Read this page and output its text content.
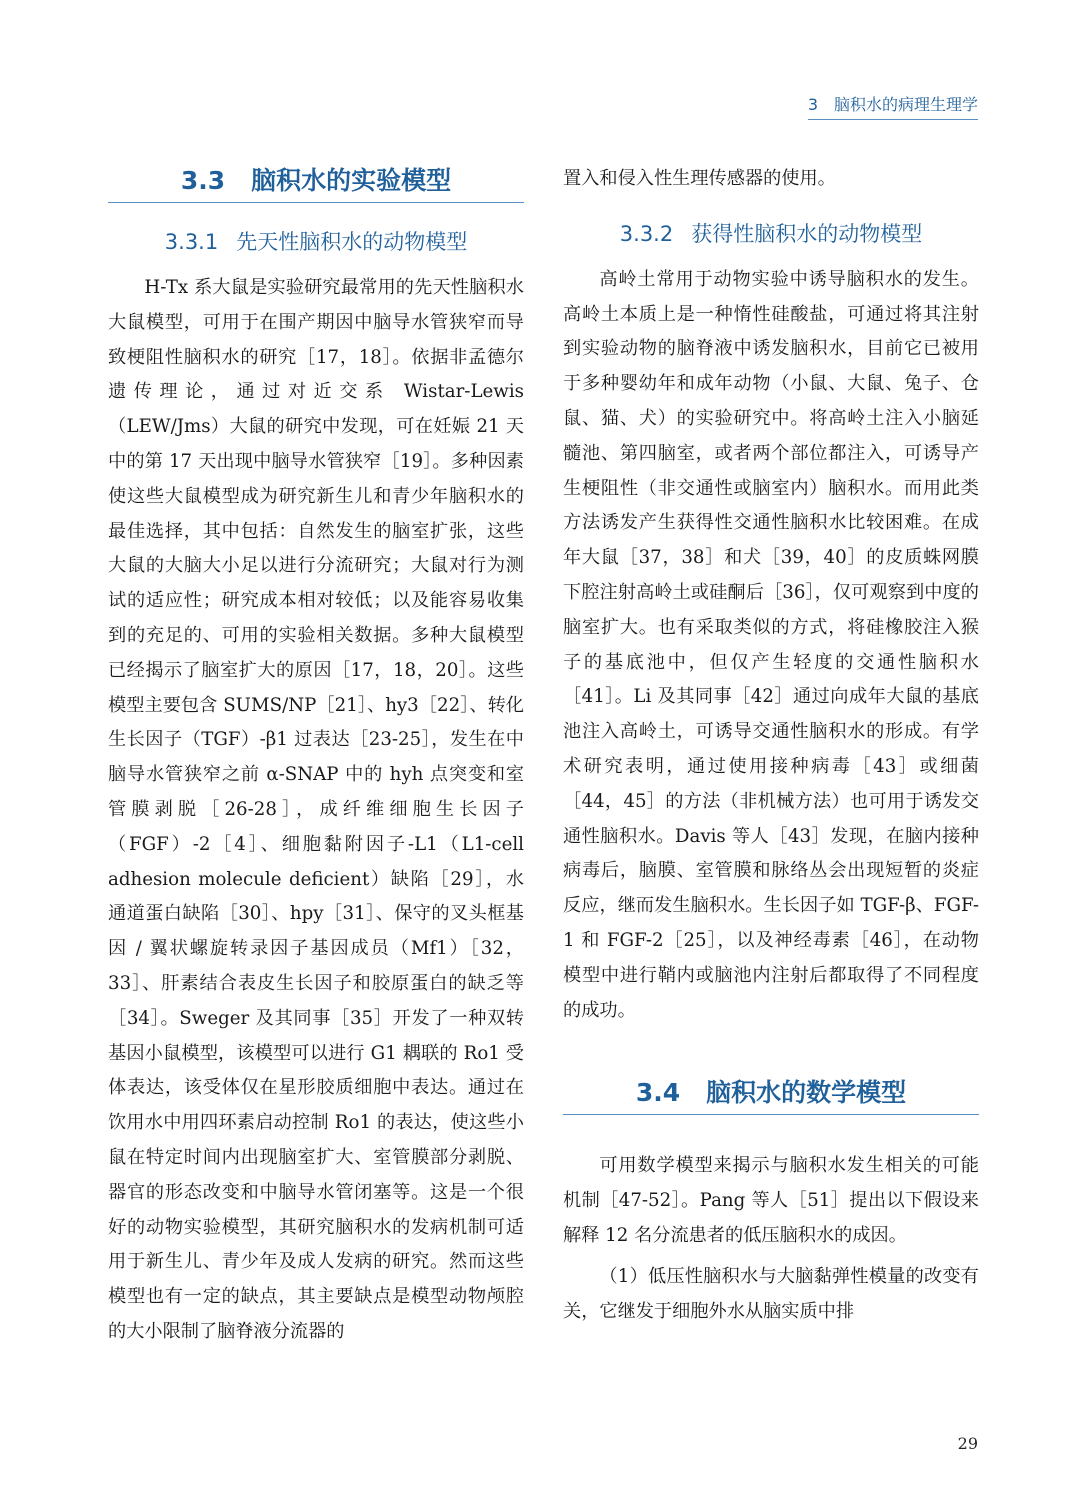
3　脑积水的病理生理学
3.3 脑积水的实验模型
3.3.1 先天性脑积水的动物模型

H-Tx 系大鼠是实验研究最常用的先天性脑积水大鼠模型，可用于在围产期因中脑导水管狭窄而导致梗阻性脑积水的研究［17，18］。依据非孟德尔遗传理论，通过对近交系 Wistar-Lewis（LEW/Jms）大鼠的研究中发现，可在妊娠 21 天中的第 17 天出现中脑导水管狭窄［19］。多种因素使这些大鼠模型成为研究新生儿和青少年脑积水的最佳选择，其中包括：自然发生的脑室扩张，这些大鼠的大脑大小足以进行分流研究；大鼠对行为测试的适应性；研究成本相对较低；以及能容易收集到的充足的、可用的实验相关数据。多种大鼠模型已经揭示了脑室扩大的原因［17，18，20］。这些模型主要包含 SUMS/NP［21］、hy3［22］、转化生长因子（TGF）-β1 过表达［23-25］，发生在中脑导水管狭窄之前 α-SNAP 中的 hyh 点突变和室管膜剥脱［26-28］，成纤维细胞生长因子（FGF）-2［4］、细胞黏附因子-L1（L1-cell adhesion molecule deficient）缺陷［29］，水通道蛋白缺陷［30］、hpy［31］、保守的叉头框基因 / 翼状螺旋转录因子基因成员（Mf1）［32，33］、肝素结合表皮生长因子和胶原蛋白的缺乏等［34］。Sweger 及其同事［35］开发了一种双转基因小鼠模型，该模型可以进行 G1 耦联的 Ro1 受体表达，该受体仅在星形胶质细胞中表达。通过在饮用水中用四环素启动控制 Ro1 的表达，使这些小鼠在特定时间内出现脑室扩大、室管膜部分剥脱、器官的形态改变和中脑导水管闭塞等。这是一个很好的动物实验模型，其研究脑积水的发病机制可适用于新生儿、青少年及成人发病的研究。然而这些模型也有一定的缺点，其主要缺点是模型动物颅腔的大小限制了脑脊液分流器的

置入和侵入性生理传感器的使用。

3.3.2 获得性脑积水的动物模型

高岭土常用于动物实验中诱导脑积水的发生。高岭土本质上是一种惰性硅酸盐，可通过将其注射到实验动物的脑脊液中诱发脑积水，目前它已被用于多种婴幼年和成年动物（小鼠、大鼠、兔子、仓鼠、猫、犬）的实验研究中。将高岭土注入小脑延髓池、第四脑室，或者两个部位都注入，可诱导产生梗阻性（非交通性或脑室内）脑积水。而用此类方法诱发产生获得性交通性脑积水比较困难。在成年大鼠［37，38］和犬［39，40］的皮质蛛网膜下腔注射高岭土或硅酮后［36］，仅可观察到中度的脑室扩大。也有采取类似的方式，将硅橡胶注入猴子的基底池中，但仅产生轻度的交通性脑积水［41］。Li 及其同事［42］通过向成年大鼠的基底池注入高岭土，可诱导交通性脑积水的形成。有学术研究表明，通过使用接种病毒［43］或细菌［44，45］的方法（非机械方法）也可用于诱发交通性脑积水。Davis 等人［43］发现，在脑内接种病毒后，脑膜、室管膜和脉络丛会出现短暂的炎症反应，继而发生脑积水。生长因子如 TGF-β、FGF-1 和 FGF-2［25］，以及神经毒素［46］，在动物模型中进行鞘内或脑池内注射后都取得了不同程度的成功。

3.4 脑积水的数学模型

可用数学模型来揭示与脑积水发生相关的可能机制［47-52］。Pang 等人［51］提出以下假设来解释 12 名分流患者的低压脑积水的成因。

（1）低压性脑积水与大脑黏弹性模量的改变有关，它继发于细胞外水从脑实质中排

29
